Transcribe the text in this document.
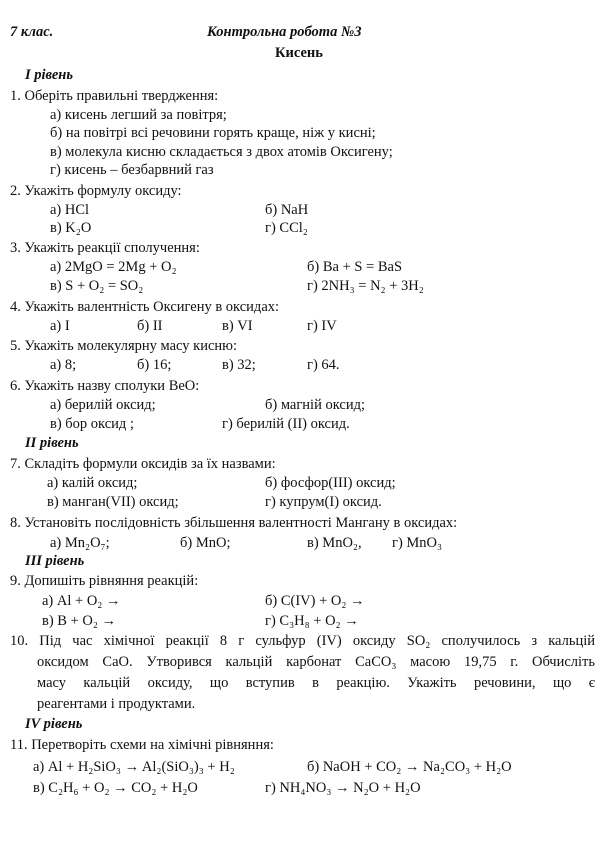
7 клас.	Контрольна робота №3
Кисень
I рівень
1. Оберіть правильні твердження:
а) кисень легший за повітря;
б) на повітрі всі речовини горять краще, ніж у кисні;
в) молекула кисню складається з двох атомів Оксигену;
г) кисень – безбарвний газ
2. Укажіть формулу оксиду:
а) HCl	б) NaH
в) K₂O	г) CCl₂
3. Укажіть реакції сполучення:
а) 2MgO = 2Mg + O₂	б) Ba + S = BaS
в) S + O₂ = SO₂	г) 2NH₃ = N₂ + 3H₂
4. Укажіть валентність Оксигену в оксидах:
а) I	б) II	в) VI	г) IV
5. Укажіть молекулярну масу кисню:
а) 8;	б) 16;	в) 32;	г) 64.
6. Укажіть назву сполуки BeO:
а) берилій оксид;	б) магній оксид;
в) бор оксид ;	г) берилій (II) оксид.
II рівень
7. Складіть формули оксидів за їх назвами:
а) калій оксид;	б) фосфор(III) оксид;
в) манган(VII) оксид;	г) купрум(I) оксид.
8. Установіть послідовність збільшення валентності Мангану в оксидах:
а) Mn₂O₇;	б) MnO;	в) MnO₂, г) MnO₃
III рівень
9. Допишіть рівняння реакцій:
а) Al + O₂ →	б) C(IV) + O₂ →
в) B + O₂ →	г) C₃H₈ + O₂ →
10. Під час хімічної реакції 8 г сульфур (IV) оксиду SO₂ сполучилось з кальцій
оксидом CaO. Утворився кальцій карбонат CaCO₃ масою 19,75 г. Обчисліть
масу кальцій оксиду, що вступив в реакцію. Укажіть речовини, що є
реагентами і продуктами.
IV рівень
11. Перетворіть схеми на хімічні рівняння:
а) Al + H₂SiO₃ → Al₂(SiO₃)₃ + H₂	б) NaOH + CO₂ → Na₂CO₃ + H₂O
в) C₂H₆ + O₂ → CO₂ + H₂O	г) NH₄NO₃ → N₂O + H₂O
